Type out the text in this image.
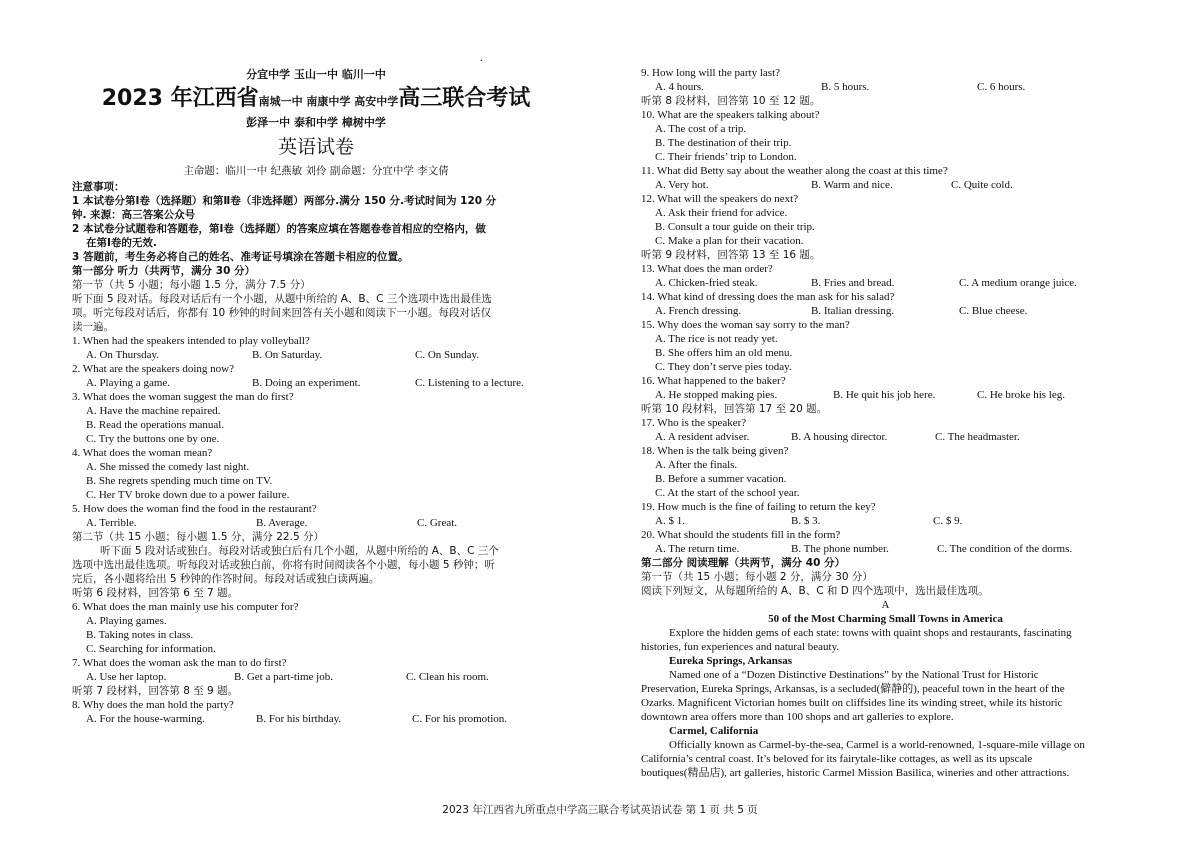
.
分宜中学 玉山一中 临川一中
2023 年江西省南城一中 南康中学 高安中学高三联合考试
彭泽一中 泰和中学 樟树中学
英语试卷
主命题：临川一中 纪燕敏 刘伶 副命题：分宜中学 李文倩
注意事项：
1 本试卷分第Ⅰ卷（选择题）和第Ⅱ卷（非选择题）两部分.满分 150 分.考试时间为 120 分
钟. 来源：高三答案公众号
2 本试卷分试题卷和答题卷，第Ⅰ卷（选择题）的答案应填在答题卷卷首相应的空格内，做
在第Ⅰ卷的无效.
3 答题前，考生务必将自己的姓名、准考证号填涂在答题卡相应的位置。
第一部分 听力（共两节，满分 30 分）
第一节（共 5 小题；每小题 1.5 分，满分 7.5 分）
听下面 5 段对话。每段对话后有一个小题，从题中所给的 A、B、C 三个选项中选出最佳选
项。听完每段对话后，你都有 10 秒钟的时间来回答有关小题和阅读下一小题。每段对话仅
读一遍。
1. When had the speakers intended to play volleyball?
A. On Thursday.	B. On Saturday.	C. On Sunday.
2. What are the speakers doing now?
A. Playing a game.	B. Doing an experiment.	C. Listening to a lecture.
3. What does the woman suggest the man do first?
A. Have the machine repaired.
B. Read the operations manual.
C. Try the buttons one by one.
4. What does the woman mean?
A. She missed the comedy last night.
B. She regrets spending much time on TV.
C. Her TV broke down due to a power failure.
5. How does the woman find the food in the restaurant?
A. Terrible.	B. Average.	C. Great.
第二节（共 15 小题；每小题 1.5 分，满分 22.5 分）
听下面 5 段对话或独白。每段对话或独白后有几个小题，从题中所给的 A、B、C 三个
选项中选出最佳选项。听每段对话或独白前，你将有时间阅读各个小题，每小题 5 秒钟；听
完后，各小题将给出 5 秒钟的作答时间。每段对话或独白读两遍。
听第 6 段材料，回答第 6 至 7 题。
6. What does the man mainly use his computer for?
A. Playing games.
B. Taking notes in class.
C. Searching for information.
7. What does the woman ask the man to do first?
A. Use her laptop.	B. Get a part-time job.	C. Clean his room.
听第 7 段材料，回答第 8 至 9 题。
8. Why does the man hold the party?
A. For the house-warming.	B. For his birthday.	C. For his promotion.
9. How long will the party last?
A. 4 hours.	B. 5 hours.	C. 6 hours.
听第 8 段材料，回答第 10 至 12 题。
10. What are the speakers talking about?
A. The cost of a trip.
B. The destination of their trip.
C. Their friends’ trip to London.
11. What did Betty say about the weather along the coast at this time?
A. Very hot.	B. Warm and nice.	C. Quite cold.
12. What will the speakers do next?
A. Ask their friend for advice.
B. Consult a tour guide on their trip.
C. Make a plan for their vacation.
听第 9 段材料，回答第 13 至 16 题。
13. What does the man order?
A. Chicken-fried steak.	B. Fries and bread.	C. A medium orange juice.
14. What kind of dressing does the man ask for his salad?
A. French dressing.	B. Italian dressing.	C. Blue cheese.
15. Why does the woman say sorry to the man?
A. The rice is not ready yet.
B. She offers him an old menu.
C. They don’t serve pies today.
16. What happened to the baker?
A. He stopped making pies.	B. He quit his job here.	C. He broke his leg.
听第 10 段材料，回答第 17 至 20 题。
17. Who is the speaker?
A. A resident adviser.	B. A housing director.	C. The headmaster.
18. When is the talk being given?
A. After the finals.
B. Before a summer vacation.
C. At the start of the school year.
19. How much is the fine of failing to return the key?
A. $ 1.	B. $ 3.	C. $ 9.
20. What should the students fill in the form?
A. The return time.	B. The phone number.	C. The condition of the dorms.
第二部分 阅读理解（共两节，满分 40 分）
第一节（共 15 小题；每小题 2 分，满分 30 分）
阅读下列短文，从每题所给的 A、B、C 和 D 四个选项中，选出最佳选项。
A
50 of the Most Charming Small Towns in America
Explore the hidden gems of each state: towns with quaint shops and restaurants, fascinating
histories, fun experiences and natural beauty.
Eureka Springs, Arkansas
Named one of a “Dozen Distinctive Destinations” by the National Trust for Historic
Preservation, Eureka Springs, Arkansas, is a secluded(僻静的), peaceful town in the heart of the
Ozarks. Magnificent Victorian homes built on cliffsides line its winding street, while its historic
downtown area offers more than 100 shops and art galleries to explore.
Carmel, California
Officially known as Carmel-by-the-sea, Carmel is a world-renowned, 1-square-mile village on
California’s central coast. It’s beloved for its fairytale-like cottages, as well as its upscale
boutiques(精品店), art galleries, historic Carmel Mission Basilica, wineries and other attractions.
2023 年江西省九所重点中学高三联合考试英语试卷 第 1 页 共 5 页
